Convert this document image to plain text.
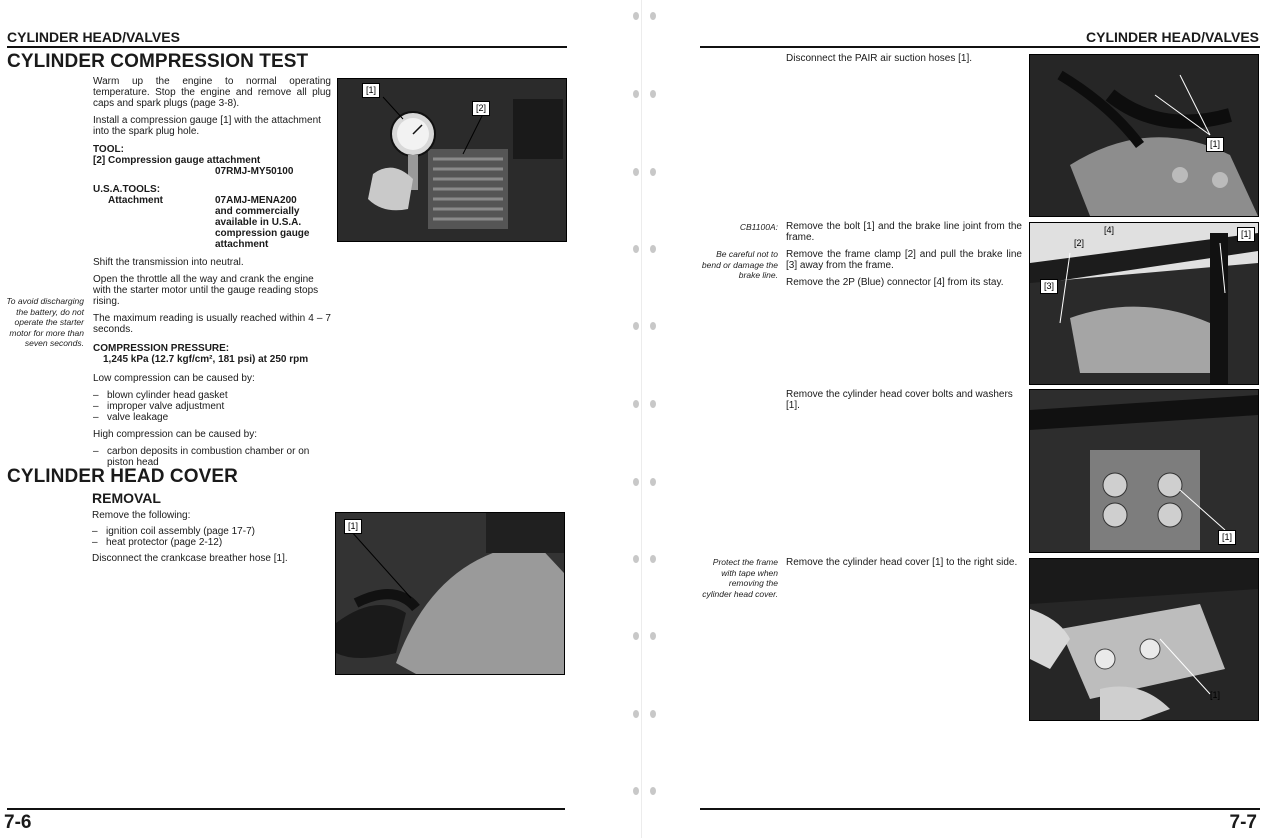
CYLINDER HEAD/VALVES
CYLINDER COMPRESSION TEST
Warm up the engine to normal operating temperature. Stop the engine and remove all plug caps and spark plugs (page 3-8).
Install a compression gauge [1] with the attachment into the spark plug hole.
TOOL:
[2] Compression gauge attachment
07RMJ-MY50100
U.S.A.TOOLS:
Attachment	07AMJ-MENA200 and commercially available in U.S.A. compression gauge attachment
Shift the transmission into neutral.
Open the throttle all the way and crank the engine with the starter motor until the gauge reading stops rising.
The maximum reading is usually reached within 4 – 7 seconds.
COMPRESSION PRESSURE:
1,245 kPa (12.7 kgf/cm², 181 psi) at 250 rpm
Low compression can be caused by:
– blown cylinder head gasket
– improper valve adjustment
– valve leakage
High compression can be caused by:
– carbon deposits in combustion chamber or on piston head
To avoid discharging the battery, do not operate the starter motor for more than seven seconds.
[1]
[2]
CYLINDER HEAD COVER
REMOVAL
Remove the following:
– ignition coil assembly (page 17-7)
– heat protector (page 2-12)
Disconnect the crankcase breather hose [1].
[1]
7-6
CYLINDER HEAD/VALVES
Disconnect the PAIR air suction hoses [1].
[1]
CB1100A:
Be careful not to bend or damage the brake line.
Remove the bolt [1] and the brake line joint from the frame.
Remove the frame clamp [2] and pull the brake line [3] away from the frame.
Remove the 2P (Blue) connector [4] from its stay.
[4]	[1]
[2]
[3]
Remove the cylinder head cover bolts and washers [1].
[1]
Protect the frame with tape when removing the cylinder head cover.
Remove the cylinder head cover [1] to the right side.
[1]
7-7
